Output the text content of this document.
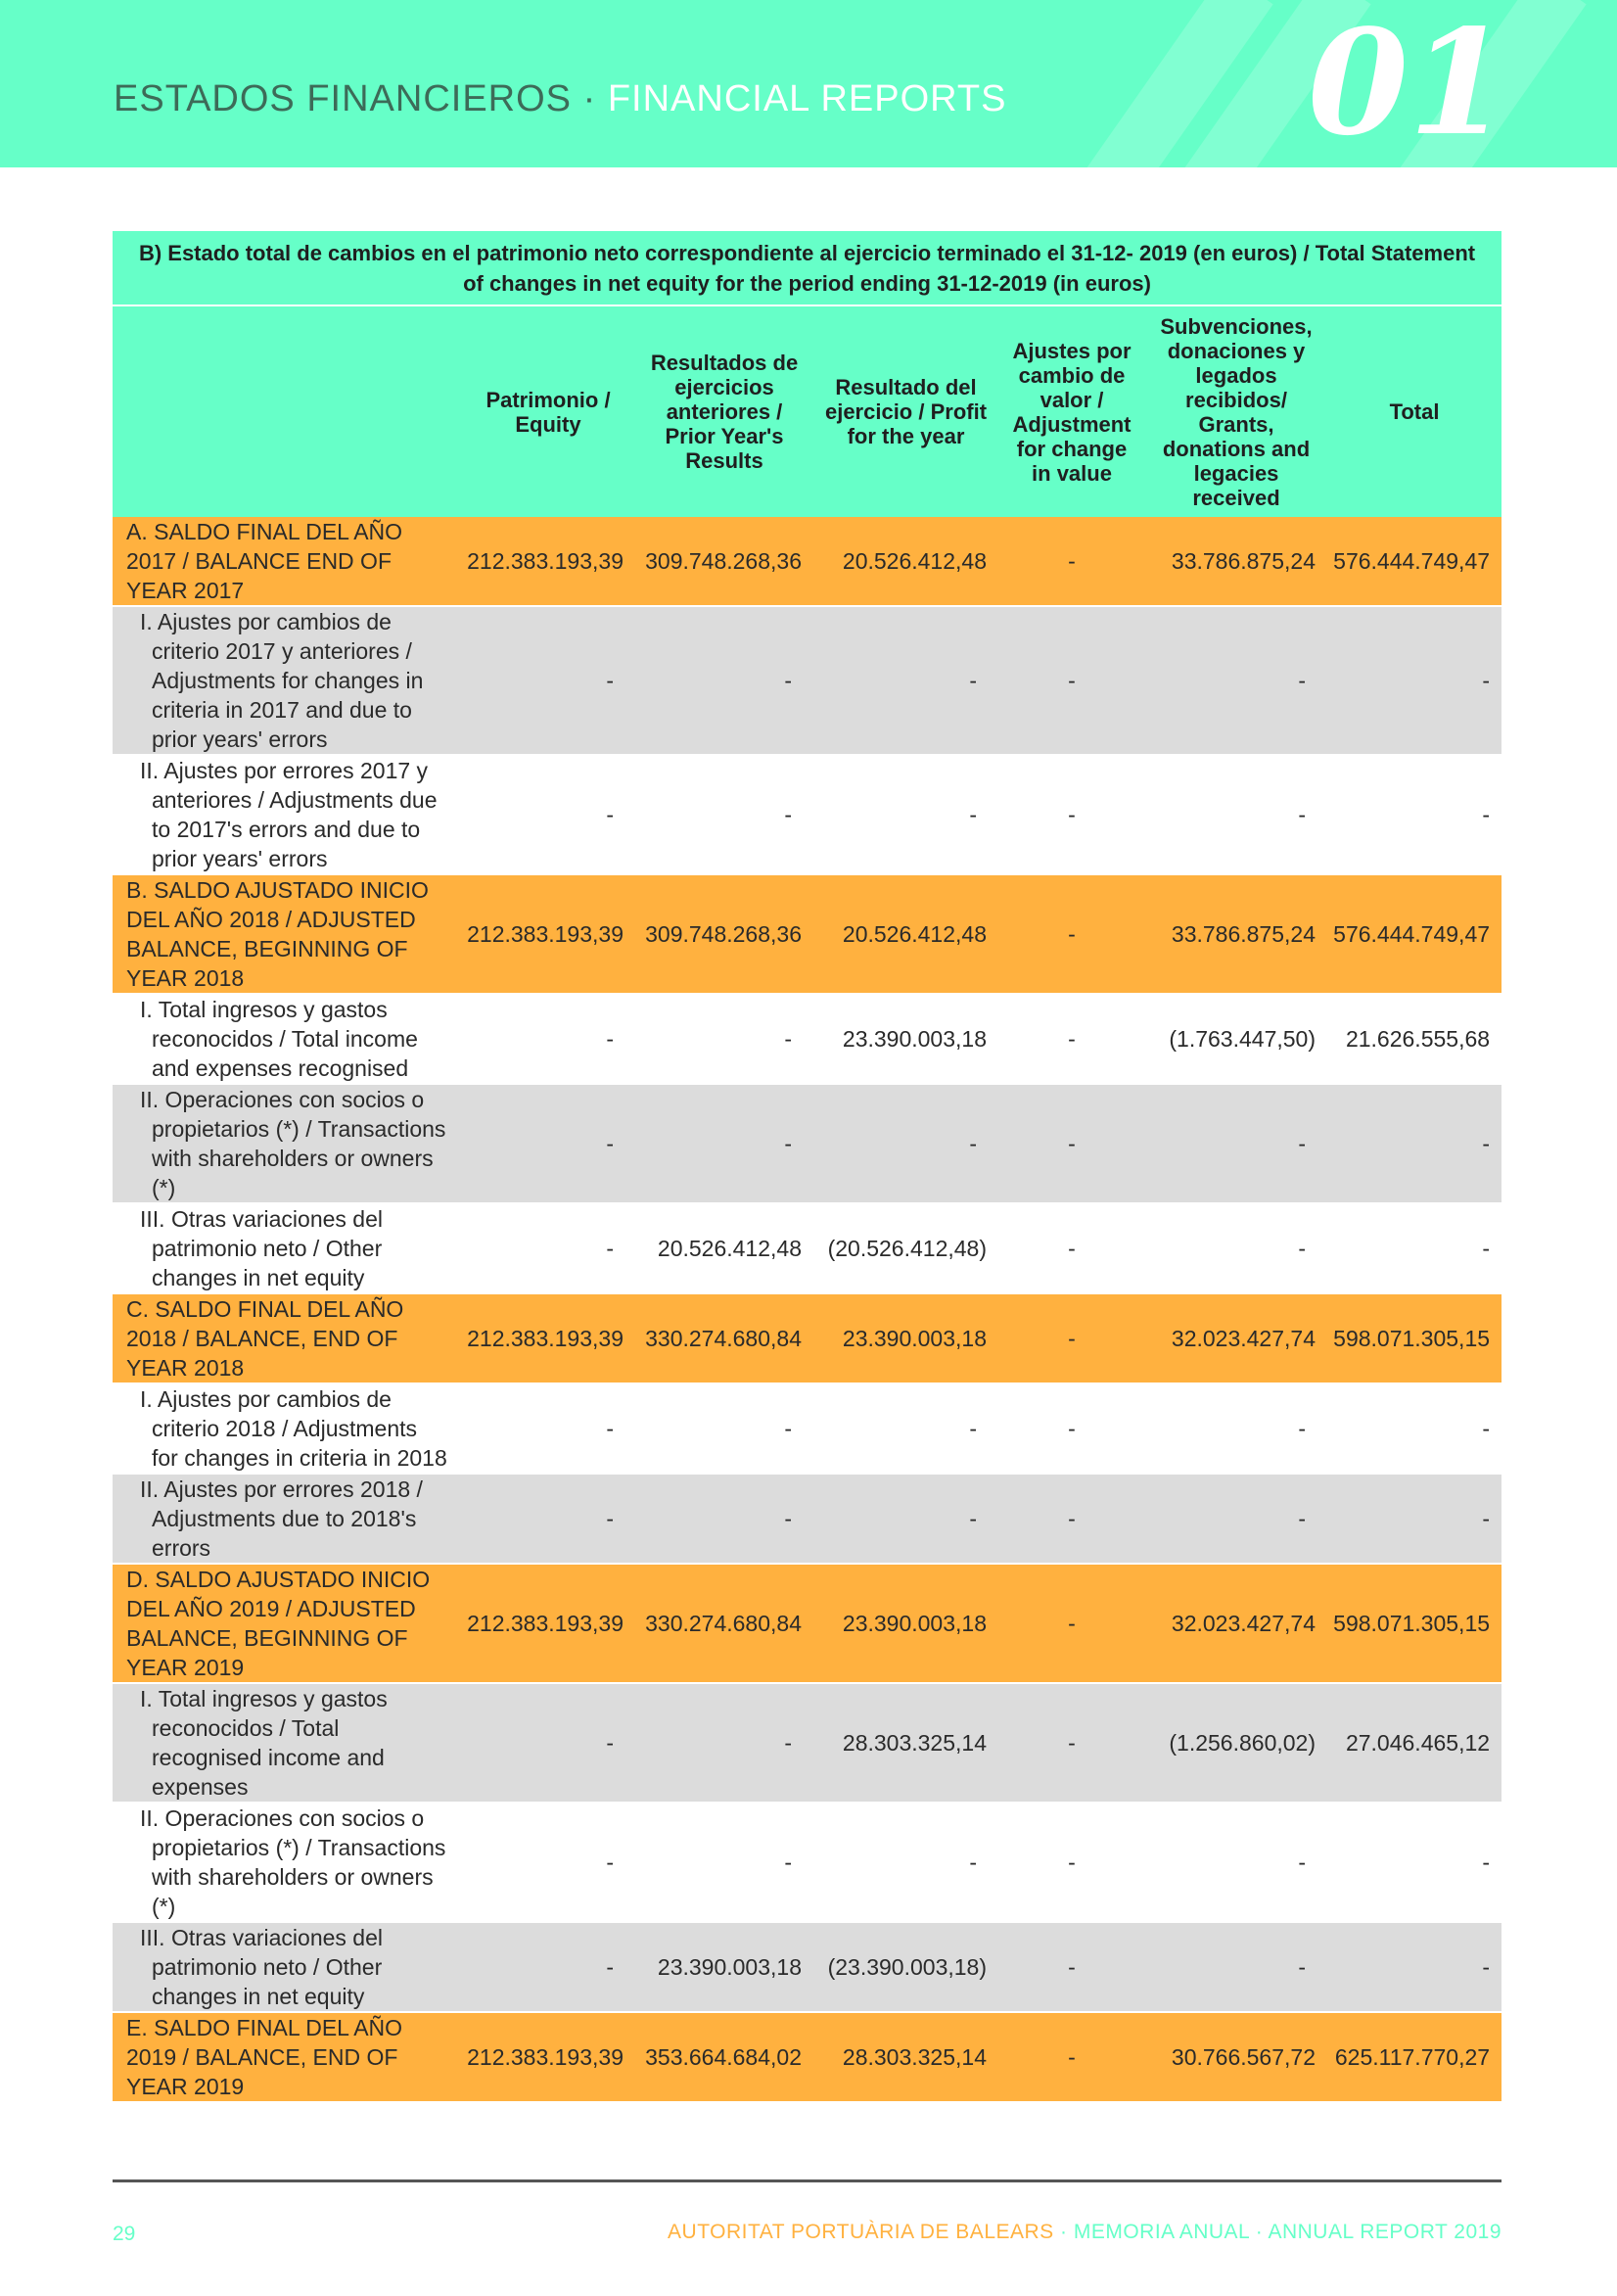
ESTADOS FINANCIEROS · FINANCIAL REPORTS 01
B) Estado total de cambios en el patrimonio neto correspondiente al ejercicio terminado el 31-12- 2019 (en euros) / Total Statement of changes in net equity for the period ending 31-12-2019 (in euros)						
	Patrimonio / Equity	Resultados de ejercicios anteriores / Prior Year's Results	Resultado del ejercicio / Profit for the year	Ajustes por cambio de valor / Adjustment for change in value	Subvenciones, donaciones y legados recibidos/ Grants, donations and legacies received	Total
A. SALDO FINAL DEL AÑO 2017 / BALANCE END OF YEAR 2017	212.383.193,39	309.748.268,36	20.526.412,48	-	33.786.875,24	576.444.749,47
I. Ajustes por cambios de criterio 2017 y anteriores / Adjustments for changes in criteria in 2017 and due to prior years' errors	-	-	-	-	-	-
II. Ajustes por errores 2017 y anteriores / Adjustments due to 2017's errors and due to prior years' errors	-	-	-	-	-	-
B. SALDO AJUSTADO INICIO DEL AÑO 2018 / ADJUSTED BALANCE, BEGINNING OF YEAR 2018	212.383.193,39	309.748.268,36	20.526.412,48	-	33.786.875,24	576.444.749,47
I. Total ingresos y gastos reconocidos / Total income and expenses recognised	-	-	23.390.003,18	-	(1.763.447,50)	21.626.555,68
II. Operaciones con socios o propietarios (*) / Transactions with shareholders or owners (*)	-	-	-	-	-	-
III. Otras variaciones del patrimonio neto / Other changes in net equity	-	20.526.412,48	(20.526.412,48)	-	-	-
C. SALDO FINAL DEL AÑO 2018 / BALANCE, END OF YEAR 2018	212.383.193,39	330.274.680,84	23.390.003,18	-	32.023.427,74	598.071.305,15
I. Ajustes por cambios de criterio 2018 / Adjustments for changes in criteria in 2018	-	-	-	-	-	-
II. Ajustes por errores 2018 / Adjustments due to 2018's errors	-	-	-	-	-	-
D. SALDO AJUSTADO INICIO DEL AÑO 2019 / ADJUSTED BALANCE, BEGINNING OF YEAR 2019	212.383.193,39	330.274.680,84	23.390.003,18	-	32.023.427,74	598.071.305,15
I. Total ingresos y gastos reconocidos / Total recognised income and expenses	-	-	28.303.325,14	-	(1.256.860,02)	27.046.465,12
II. Operaciones con socios o propietarios (*) / Transactions with shareholders or owners (*)	-	-	-	-	-	-
III. Otras variaciones del patrimonio neto / Other changes in net equity	-	23.390.003,18	(23.390.003,18)	-	-	-
E. SALDO FINAL DEL AÑO 2019 / BALANCE, END OF YEAR 2019	212.383.193,39	353.664.684,02	28.303.325,14	-	30.766.567,72	625.117.770,27
29	AUTORITAT PORTUÀRIA DE BALEARS · MEMORIA ANUAL · ANNUAL REPORT 2019
